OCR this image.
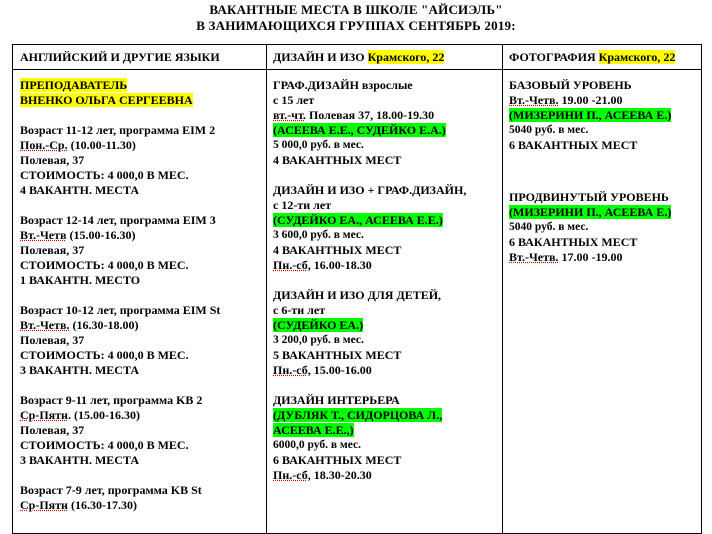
ВАКАНТНЫЕ МЕСТА В ШКОЛЕ "АЙСИЭЛЬ"
В ЗАНИМАЮЩИХСЯ ГРУППАХ СЕНТЯБРЬ 2019:
АНГЛИЙСКИЙ И ДРУГИЕ ЯЗЫКИ	ДИЗАЙН И ИЗО Крамского, 22	ФОТОГРАФИЯ Крамского, 22
ПРЕПОДАВАТЕЛЬ
ВНЕНКО ОЛЬГА СЕРГЕЕВНА
Возраст 11-12 лет, программа EIM 2
Пон.-Ср. (10.00-11.30)
Полевая, 37
СТОИМОСТЬ: 4 000,0 В МЕС.
4 ВАКАНТН. МЕСТА
Возраст 12-14 лет, программа EIM 3
Вт.-Четв (15.00-16.30)
Полевая, 37
СТОИМОСТЬ: 4 000,0 В МЕС.
1 ВАКАНТН. МЕСТО
Возраст 10-12 лет, программа EIM St
Вт.-Четв. (16.30-18.00)
Полевая, 37
СТОИМОСТЬ: 4 000,0 В МЕС.
3 ВАКАНТН. МЕСТА
Возраст 9-11 лет, программа KB 2
Ср-Пятн. (15.00-16.30)
Полевая, 37
СТОИМОСТЬ: 4 000,0 В МЕС.
3 ВАКАНТН. МЕСТА
Возраст 7-9 лет, программа KB St
Ср-Пятн (16.30-17.30)
ГРАФ.ДИЗАЙН взрослые
с 15 лет
вт.-чт. Полевая 37, 18.00-19.30
(АСЕЕВА Е.Е., СУДЕЙКО Е.А.)
5 000,0 руб. в мес.
4 ВАКАНТНЫХ МЕСТ
ДИЗАЙН И ИЗО + ГРАФ.ДИЗАЙН,
с 12-ти лет
(СУДЕЙКО ЕА., АСЕЕВА Е.Е.)
3 600,0 руб. в мес.
4 ВАКАНТНЫХ МЕСТ
Пн.-сб, 16.00-18.30
ДИЗАЙН И ИЗО ДЛЯ ДЕТЕЙ,
с 6-ти лет
(СУДЕЙКО ЕА.)
3 200,0 руб. в мес.
5 ВАКАНТНЫХ МЕСТ
Пн.-сб, 15.00-16.00
ДИЗАЙН ИНТЕРЬЕРА
(ДУБЛЯК Т., СИДОРЦОВА Л.,
АСЕЕВА Е.Е.,)
6000,0 руб. в мес.
6 ВАКАНТНЫХ МЕСТ
Пн.-сб, 18.30-20.30
БАЗОВЫЙ УРОВЕНЬ
Вт.-Четв. 19.00 -21.00
(МИЗЕРИНИ П., АСЕЕВА Е.)
5040 руб. в мес.
6 ВАКАНТНЫХ МЕСТ
ПРОДВИНУТЫЙ УРОВЕНЬ
(МИЗЕРИНИ П., АСЕЕВА Е.)
5040 руб. в мес.
6 ВАКАНТНЫХ МЕСТ
Вт.-Четв. 17.00 -19.00
